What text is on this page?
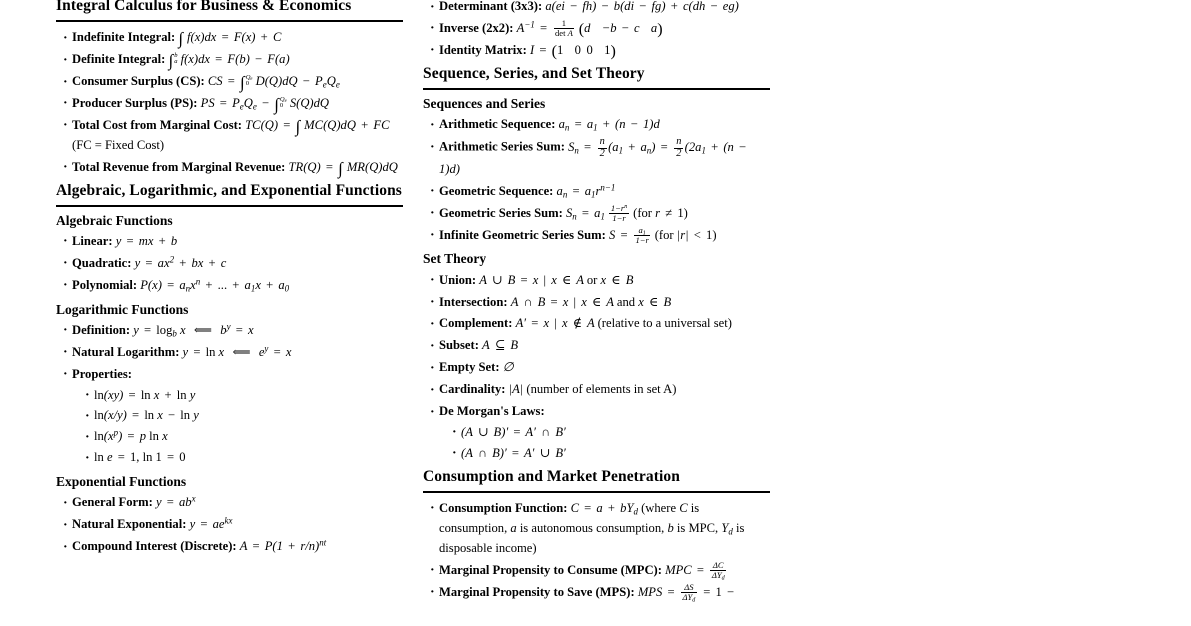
Integral Calculus for Business & Economics
· Indefinite Integral: ∫ f(x)dx = F(x) + C
· Definite Integral: ∫ b
a f(x)dx = F(b) − F(a)
· Consumer Surplus (CS): CS = ∫ $Q_e$
0 $D(Q)dQ - P_eQ_e$
· Producer Surplus (PS): PS = $P_eQ_e$ − ∫ $Q_e$
0 S(Q)dQ
· Total Cost from Marginal Cost: TC(Q) = ∫ MC(Q)dQ + FC (FC = Fixed Cost)
· Total Revenue from Marginal Revenue: TR(Q) = ∫ MR(Q)dQ
Algebraic, Logarithmic, and Exponential Functions
Algebraic Functions
· Linear: y = mx + b
· Quadratic: $y = ax^2$ + bx + c
· Polynomial: $P(x) = a_nx^n$ + ... + $a_1x + a_0$
Logarithmic Functions
· Definition: $y = \log_b x$  ⟸  $b^y = x$
· Natural Logarithm: y = ln x  ⟸  $e^y = x$
· Properties:
· ln(xy) = ln x + ln y
· ln(x/y) = ln x − ln y
· $\ln(x^p) = p$ ln x
· ln e = 1, ln 1 = 0
Exponential Functions
· General Form: $y = ab^x$
· Natural Exponential: $y = ae^{kx}$
· Compound Interest (Discrete): $A = P(1 + r/n)^{nt}$
· Determinant (3x3): a(ei − fh) − b(di − fg) + c(dh − eg)
· Inverse (2x2): $A^{-1} = \frac{1}{\text{det A}} (d -b - c$ a)
· Identity Matrix: I = (1 0 0 1)
Sequence, Series, and Set Theory
Sequences and Series
· Arithmetic Sequence: $a_n = a_1 + (n - 1)d$
· Arithmetic Series Sum: $S_n = \frac{n}{2} (a_1 + a_n) = \frac{n}{2} (2a_1 + (n - 1)d)$
· Geometric Sequence: $a_n = a_1r^{n-1}$
· Geometric Series Sum: $S_n = a_1 \frac{1-r^n}{1-r} (for$ r ≠ 1)
· Infinite Geometric Series Sum: $S = \frac{a_1}{1-r} (for$ |r| < 1)
Set Theory
· Union: A ∪ B = x | x ∈ A or x ∈ B
· Intersection: A ∩ B = x | x ∈ A and x ∈ B
· Complement: A′ = x | x ∉ A (relative to a universal set)
· Subset: A ⊆ B
· Empty Set: ∅
· Cardinality: |A| (number of elements in set A)
· De Morgan's Laws:
· (A ∪ B)′ = A′ ∩ B′
· (A ∩ B)′ = A′ ∪ B′
Consumption and Market Penetration
· Consumption Function: $C = a + bY_d$ (where C is consumption, a is autonomous consumption, b is MPC, $Y_d$ is disposable income)
· Marginal Propensity to Consume (MPC): MPC = $\frac{\Delta C}{\Delta Y_d}$
· Marginal Propensity to Save (MPS): MPS = $\frac{\Delta S}{\Delta Y_d} = 1$ −
